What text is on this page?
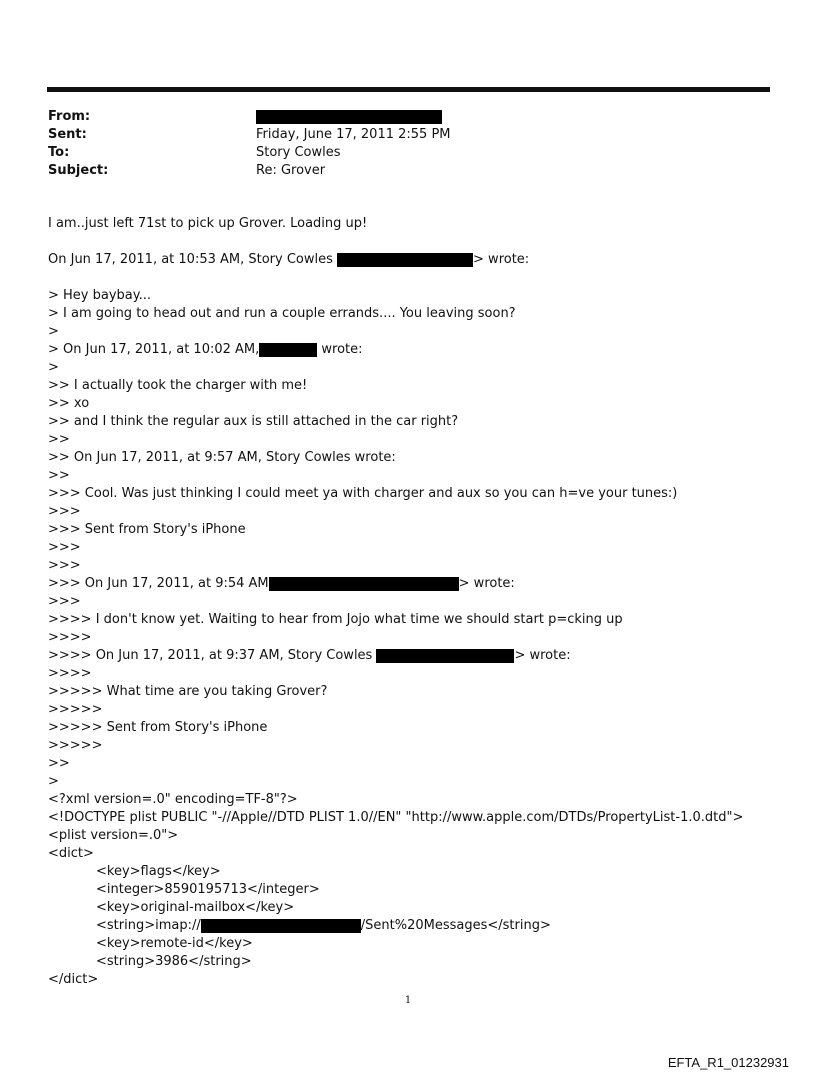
From:
Sent:	Friday, June 17, 2011 2:55 PM
To:	Story Cowles
Subject:	Re: Grover
I am..just left 71st to pick up Grover. Loading up!
On Jun 17, 2011, at 10:53 AM, Story Cowles	> wrote:
> Hey baybay...
> I am going to head out and run a couple errands.... You leaving soon?
>
> On Jun 17, 2011, at 10:02 AM,	wrote:
>
>> I actually took the charger with me!
>> xo
>> and I think the regular aux is still attached in the car right?
>>
>> On Jun 17, 2011, at 9:57 AM, Story Cowles wrote:
>>
>>> Cool. Was just thinking I could meet ya with charger and aux so you can h=ve your tunes:)
>>>
>>> Sent from Story's iPhone
>>>
>>>
>>> On Jun 17, 2011, at 9:54 AM	> wrote:
>>>
>>>> I don't know yet. Waiting to hear from Jojo what time we should start p=cking up
>>>>
>>>> On Jun 17, 2011, at 9:37 AM, Story Cowles	> wrote:
>>>>
>>>>> What time are you taking Grover?
>>>>>
>>>>> Sent from Story's iPhone
>>>>>
>>
>
<?xml version=.0" encoding=TF-8"?>
<!DOCTYPE plist PUBLIC "-//Apple//DTD PLIST 1.0//EN" "http://www.apple.com/DTDs/PropertyList-1.0.dtd">
<plist version=.0">
<dict>
<key>flags</key>
<integer>8590195713</integer>
<key>original-mailbox</key>
<string>imap://	/Sent%20Messages</string>
<key>remote-id</key>
<string>3986</string>
</dict>
1
EFTA_R1_01232931
